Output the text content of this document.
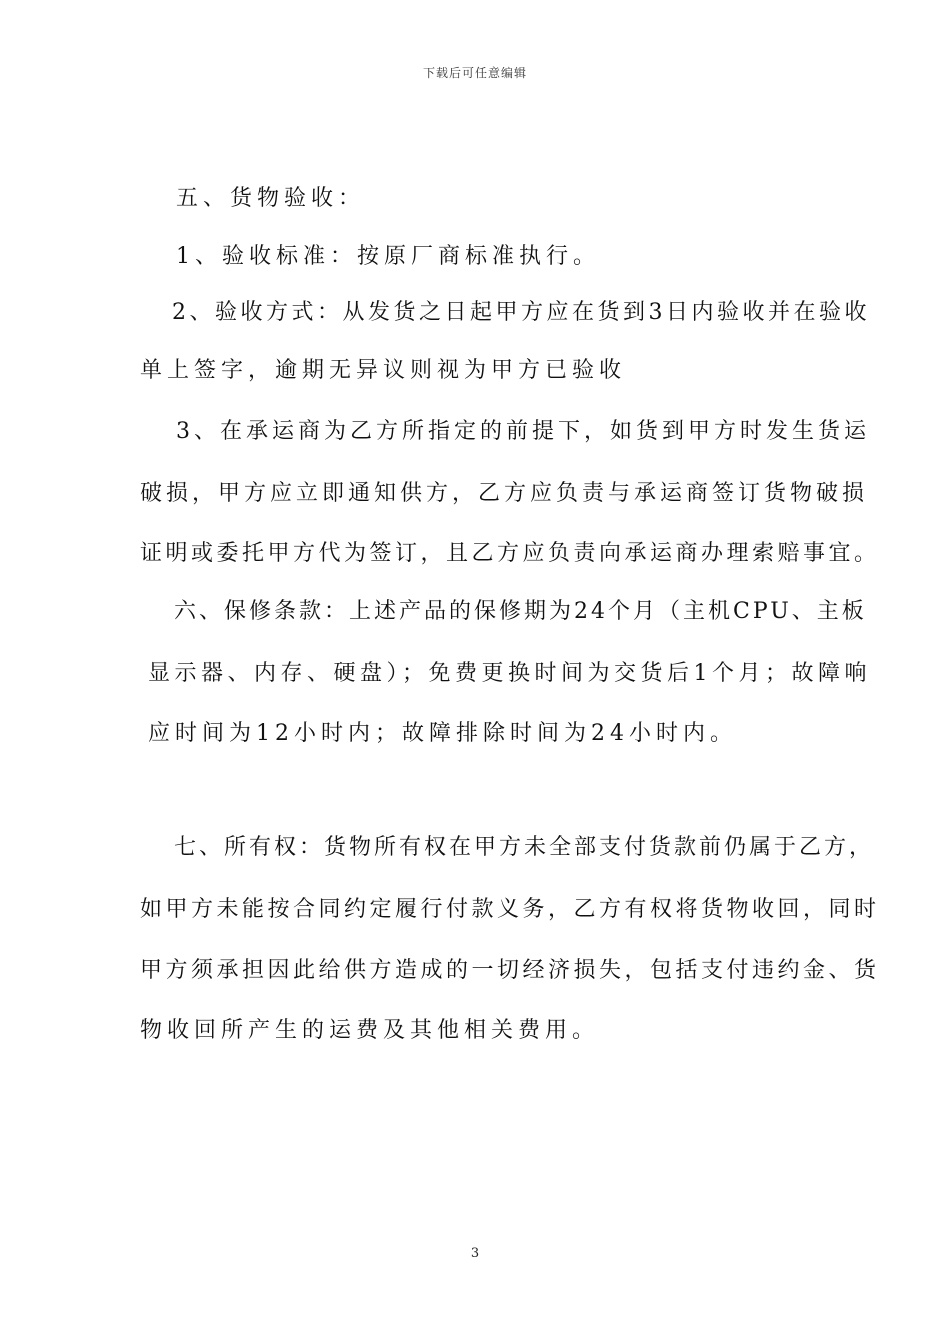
下载后可任意编辑
五、货物验收：
1、验收标准：按原厂商标准执行。
2、验收方式：从发货之日起甲方应在货到3日内验收并在验收
单上签字，逾期无异议则视为甲方已验收
3、在承运商为乙方所指定的前提下，如货到甲方时发生货运
破损，甲方应立即通知供方，乙方应负责与承运商签订货物破损
证明或委托甲方代为签订，且乙方应负责向承运商办理索赔事宜。
六、保修条款：上述产品的保修期为24个月（主机CPU、主板
显示器、内存、硬盘）；免费更换时间为交货后1个月；故障响
应时间为12小时内；故障排除时间为24小时内。
七、所有权：货物所有权在甲方未全部支付货款前仍属于乙方，
如甲方未能按合同约定履行付款义务，乙方有权将货物收回，同时
甲方须承担因此给供方造成的一切经济损失，包括支付违约金、货
物收回所产生的运费及其他相关费用。
3
